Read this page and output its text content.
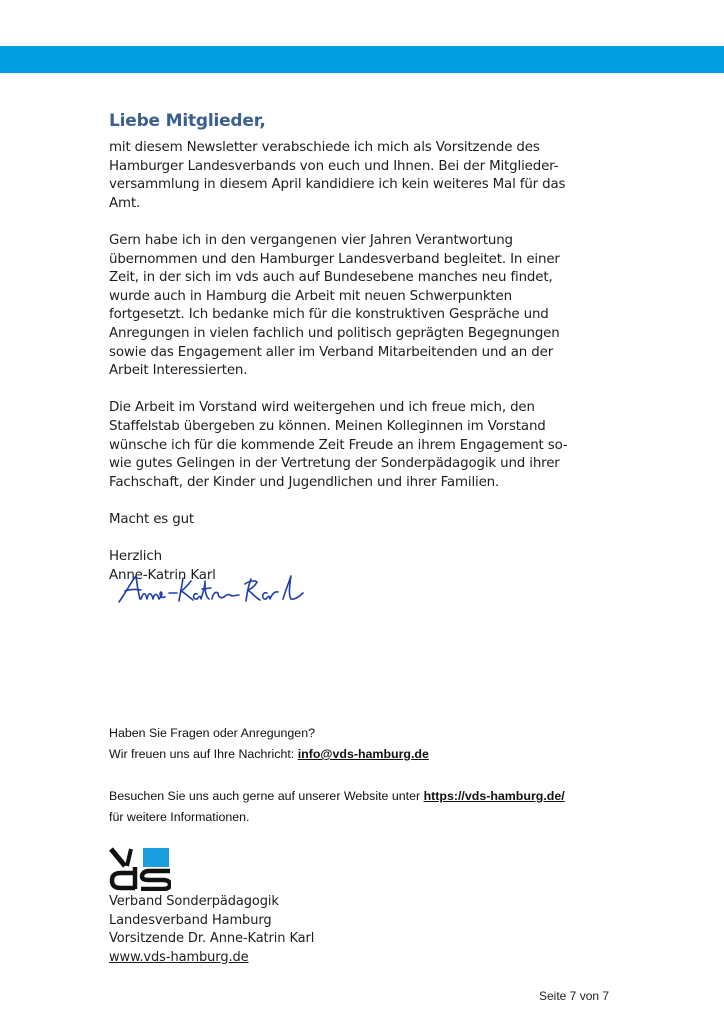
Liebe Mitglieder,

mit diesem Newsletter verabschiede ich mich als Vorsitzende des
Hamburger Landesverbands von euch und Ihnen. Bei der Mitglieder-
versammlung in diesem April kandidiere ich kein weiteres Mal für das
Amt.

Gern habe ich in den vergangenen vier Jahren Verantwortung
übernommen und den Hamburger Landesverband begleitet. In einer
Zeit, in der sich im vds auch auf Bundesebene manches neu findet,
wurde auch in Hamburg die Arbeit mit neuen Schwerpunkten
fortgesetzt. Ich bedanke mich für die konstruktiven Gespräche und
Anregungen in vielen fachlich und politisch geprägten Begegnungen
sowie das Engagement aller im Verband Mitarbeitenden und an der
Arbeit Interessierten.

Die Arbeit im Vorstand wird weitergehen und ich freue mich, den
Staffelstab übergeben zu können. Meinen Kolleginnen im Vorstand
wünsche ich für die kommende Zeit Freude an ihrem Engagement so-
wie gutes Gelingen in der Vertretung der Sonderpädagogik und ihrer
Fachschaft, der Kinder und Jugendlichen und ihrer Familien.

Macht es gut

Herzlich
Anne-Katrin Karl
Haben Sie Fragen oder Anregungen?
Wir freuen uns auf Ihre Nachricht: info@vds-hamburg.de
Besuchen Sie uns auch gerne auf unserer Website unter https://vds-hamburg.de/
für weitere Informationen.
Verband Sonderpädagogik
Landesverband Hamburg
Vorsitzende Dr. Anne-Katrin Karl
www.vds-hamburg.de
Seite 7 von 7
